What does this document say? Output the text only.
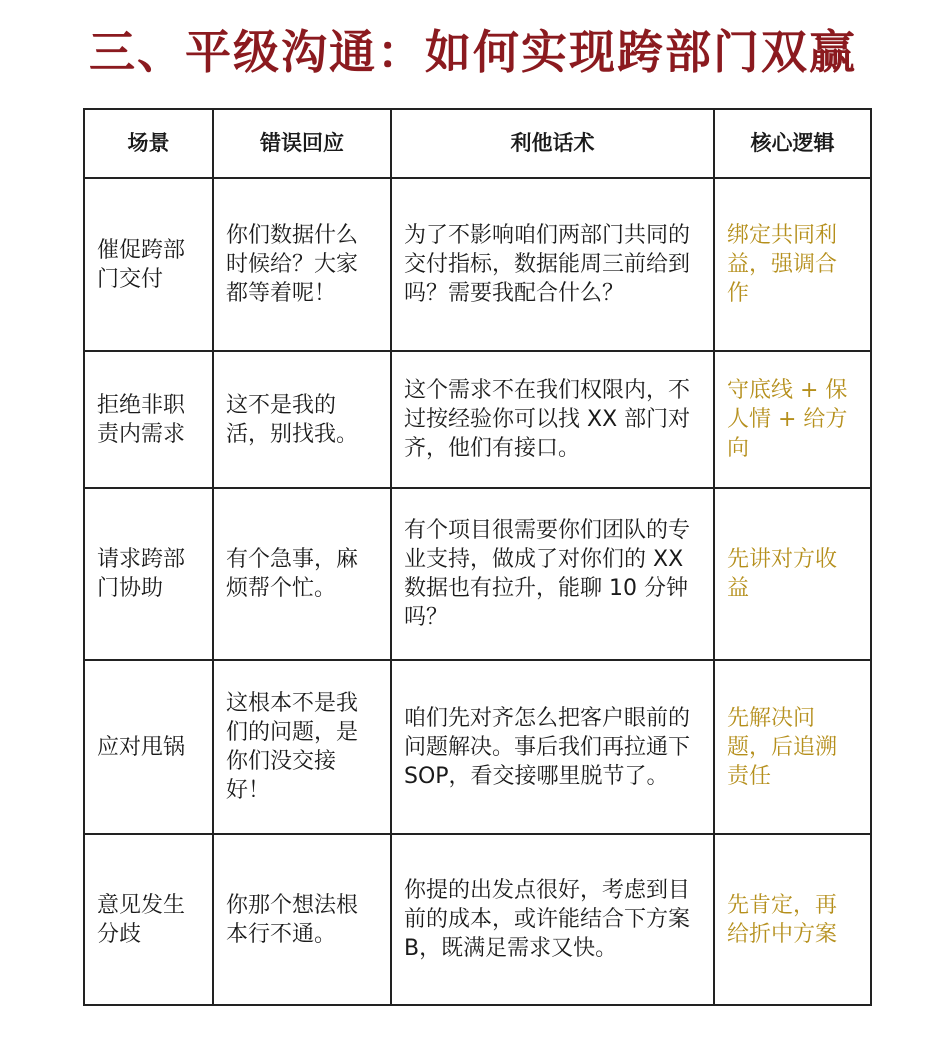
三、平级沟通：如何实现跨部门双赢
场景	错误回应	利他话术	核心逻辑
催促跨部门交付	你们数据什么时候给？大家都等着呢！	为了不影响咱们两部门共同的交付指标，数据能周三前给到吗？需要我配合什么？	绑定共同利益，强调合作
拒绝非职责内需求	这不是我的活，别找我。	这个需求不在我们权限内，不过按经验你可以找 XX 部门对齐，他们有接口。	守底线 + 保人情 + 给方向
请求跨部门协助	有个急事，麻烦帮个忙。	有个项目很需要你们团队的专业支持，做成了对你们的 XX 数据也有拉升，能聊 10 分钟吗？	先讲对方收益
应对甩锅	这根本不是我们的问题，是你们没交接好！	咱们先对齐怎么把客户眼前的问题解决。事后我们再拉通下 SOP，看交接哪里脱节了。	先解决问题，后追溯责任
意见发生分歧	你那个想法根本行不通。	你提的出发点很好，考虑到目前的成本，或许能结合下方案 B，既满足需求又快。	先肯定，再给折中方案
